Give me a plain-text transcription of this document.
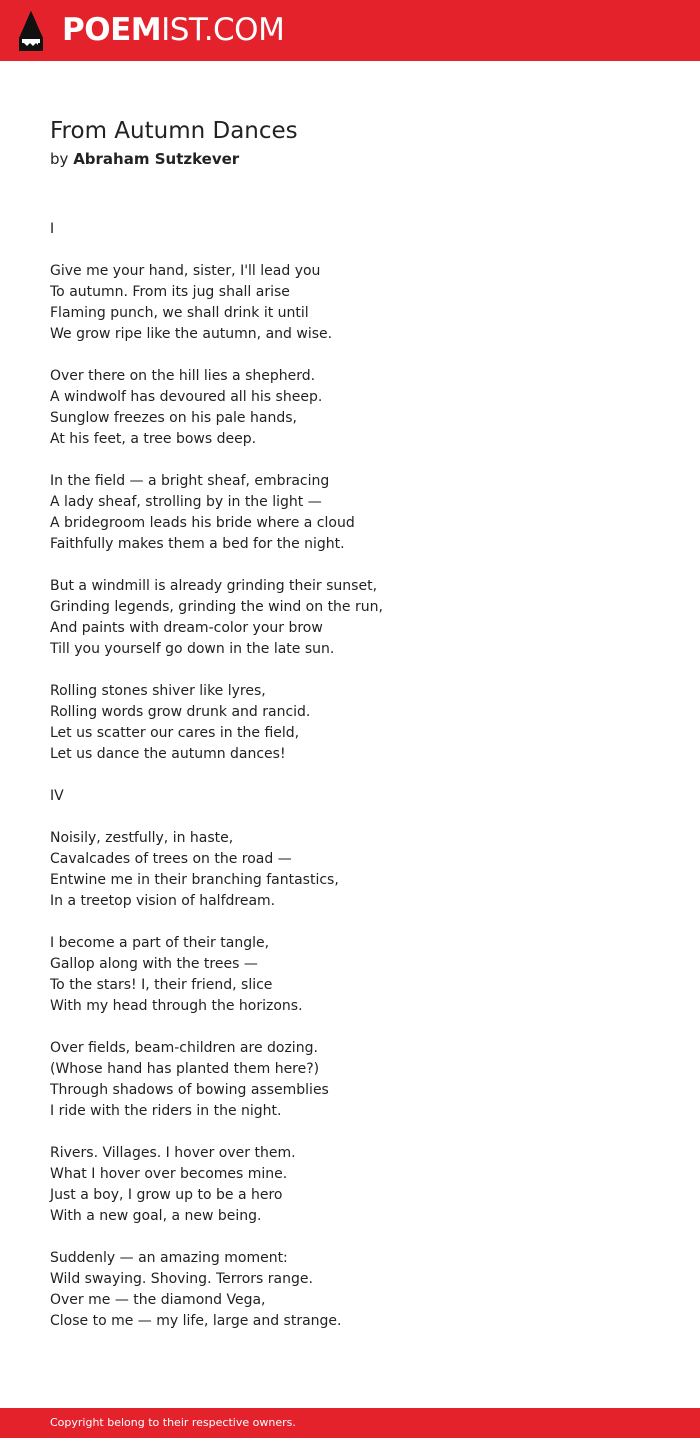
POEMIST.COM
From Autumn Dances
by Abraham Sutzkever
I
Give me your hand, sister, I'll lead you
To autumn. From its jug shall arise
Flaming punch, we shall drink it until
We grow ripe like the autumn, and wise.
Over there on the hill lies a shepherd.
A windwolf has devoured all his sheep.
Sunglow freezes on his pale hands,
At his feet, a tree bows deep.
In the field — a bright sheaf, embracing
A lady sheaf, strolling by in the light —
A bridegroom leads his bride where a cloud
Faithfully makes them a bed for the night.
But a windmill is already grinding their sunset,
Grinding legends, grinding the wind on the run,
And paints with dream-color your brow
Till you yourself go down in the late sun.
Rolling stones shiver like lyres,
Rolling words grow drunk and rancid.
Let us scatter our cares in the field,
Let us dance the autumn dances!
IV
Noisily, zestfully, in haste,
Cavalcades of trees on the road —
Entwine me in their branching fantastics,
In a treetop vision of halfdream.
I become a part of their tangle,
Gallop along with the trees —
To the stars! I, their friend, slice
With my head through the horizons.
Over fields, beam-children are dozing.
(Whose hand has planted them here?)
Through shadows of bowing assemblies
I ride with the riders in the night.
Rivers. Villages. I hover over them.
What I hover over becomes mine.
Just a boy, I grow up to be a hero
With a new goal, a new being.
Suddenly — an amazing moment:
Wild swaying. Shoving. Terrors range.
Over me — the diamond Vega,
Close to me — my life, large and strange.
Copyright belong to their respective owners.
